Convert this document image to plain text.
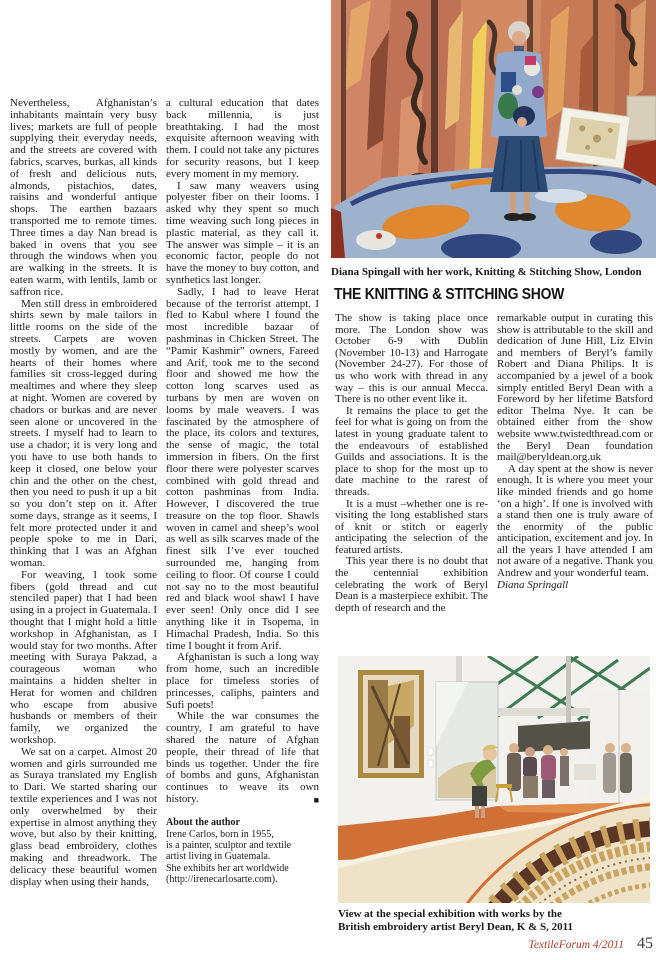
Nevertheless, Afghanistan’s inhabitants maintain very busy lives; markets are full of people supplying their everyday needs, and the streets are covered with fabrics, scarves, burkas, all kinds of fresh and delicious nuts, almonds, pistachios, dates, raisins and wonderful antique shops. The earthen bazaars transported me to remote times. Three times a day Nan bread is baked in ovens that you see through the windows when you are walking in the streets. It is eaten warm, with lentils, lamb or saffron rice.

Men still dress in embroidered shirts sewn by male tailors in little rooms on the side of the streets. Carpets are woven mostly by women, and are the hearts of their homes where families sit cross-legged during mealtimes and where they sleep at night. Women are covered by chadors or burkas and are never seen alone or uncovered in the streets. I myself had to learn to use a chador; it is very long and you have to use both hands to keep it closed, one below your chin and the other on the chest, then you need to push it up a bit so you don’t step on it. After some days, strange as it seems, I felt more protected under it and people spoke to me in Dari, thinking that I was an Afghan woman.

For weaving, I took some fibers (gold thread and cut stenciled paper) that I had been using in a project in Guatemala. I thought that I might hold a little workshop in Afghanistan, as I would stay for two months. After meeting with Suraya Pakzad, a courageous woman who maintains a hidden shelter in Herat for women and children who escape from abusive husbands or members of their family, we organized the workshop.

We sat on a carpet. Almost 20 women and girls surrounded me as Suraya translated my English to Dari. We started sharing our textile experiences and I was not only overwhelmed by their expertise in almost anything they wove, but also by their knitting, glass bead embroidery, clothes making and threadwork. The delicacy these beautiful women display when using their hands,

a cultural education that dates back millennia, is just breathtaking. I had the most exquisite afternoon weaving with them. I could not take any pictures for security reasons, but I keep every moment in my memory.

I saw many weavers using polyester fiber on their looms. I asked why they spent so much time weaving such long pieces in plastic material, as they call it. The answer was simple – it is an economic factor, people do not have the money to buy cotton, and synthetics last longer.

Sadly, I had to leave Herat because of the terrorist attempt. I fled to Kabul where I found the most incredible bazaar of pashminas in Chicken Street. The “Pamir Kashmir” owners, Fareed and Arif, took me to the second floor and showed me how the cotton long scarves used as turbans by men are woven on looms by male weavers. I was fascinated by the atmosphere of the place, its colors and textures, the sense of magic, the total immersion in fibers. On the first floor there were polyester scarves combined with gold thread and cotton pashminas from India. However, I discovered the true treasure on the top floor. Shawls woven in camel and sheep’s wool as well as silk scarves made of the finest silk I’ve ever touched surrounded me, hanging from ceiling to floor. Of course I could not say no to the most beautiful red and black wool shawl I have ever seen! Only once did I see anything like it in Tsopema, in Himachal Pradesh, India. So this time I bought it from Arif.

Afghanistan is such a long way from home, such an incredible place for timeless stories of princesses, caliphs, painters and Sufi poets!

While the war consumes the country, I am grateful to have shared the nature of Afghan people, their thread of life that binds us together. Under the fire of bombs and guns, Afghanistan continues to weave its own history.	■

About the author
Irene Carlos, born in 1955,
is a painter, sculptor and textile
artist living in Guatemala.
She exhibits her art worldwide
(http://irenecarlosarte.com).
Diana Spingall with her work, Knitting & Stitching Show, London
THE KNITTING & STITCHING SHOW

The show is taking place once more. The London show was October 6-9 with Dublin (November 10-13) and Harrogate (November 24-27). For those of us who work with thread in any way – this is our annual Mecca. There is no other event like it.

It remains the place to get the feel for what is going on from the latest in young graduate talent to the endeavours of established Guilds and associations. It is the place to shop for the most up to date machine to the rarest of threads.

It is a must –whether one is re-visiting the long established stars of knit or stitch or eagerly anticipating the selection of the featured artists.

This year there is no doubt that the centennial exhibition celebrating the work of Beryl Dean is a masterpiece exhibit. The depth of research and the

remarkable output in curating this show is attributable to the skill and dedication of June Hill, Liz Elvin and members of Beryl’s family Robert and Diana Philips. It is accompanied by a jewel of a book simply entitled Beryl Dean with a Foreword by her lifetime Batsford editor Thelma Nye. It can be obtained either from the show website www.twistedthread.com or the Beryl Dean foundation mail@beryldean.org.uk

A day spent at the show is never enough. It is where you meet your like minded friends and go home ‘on a high’. If one is involved with a stand then one is truly aware of the enormity of the public anticipation, excitement and joy. In all the years I have attended I am not aware of a negative. Thank you Andrew and your wonderful team.

Diana Springall

View at the special exhibition with works by the
British embroidery artist Beryl Dean, K & S, 2011
TextileForum 4/2011 45
